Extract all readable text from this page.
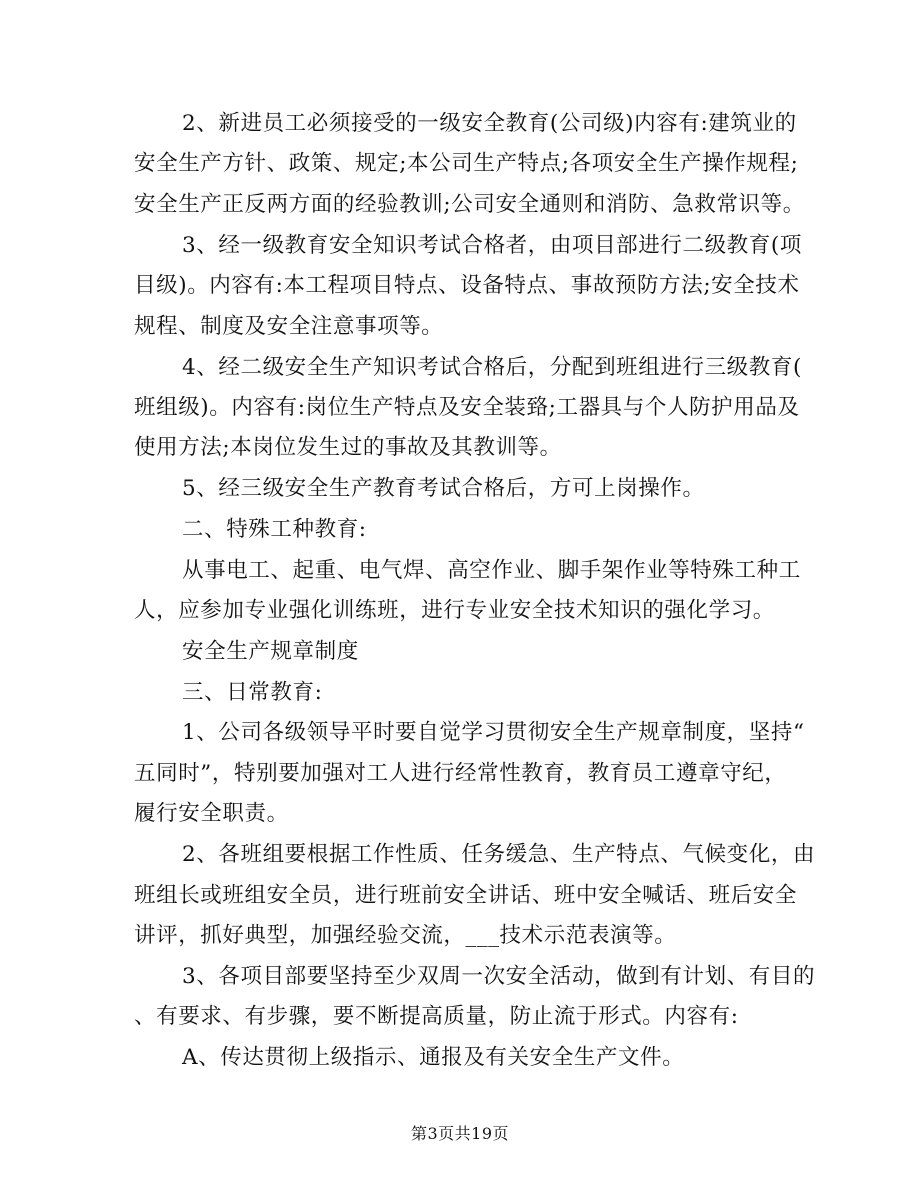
2、新进员工必须接受的一级安全教育(公司级)内容有:建筑业的
安全生产方针、政策、规定;本公司生产特点;各项安全生产操作规程;
安全生产正反两方面的经验教训;公司安全通则和消防、急救常识等。
3、经一级教育安全知识考试合格者，由项目部进行二级教育(项
目级)。内容有:本工程项目特点、设备特点、事故预防方法;安全技术
规程、制度及安全注意事项等。
4、经二级安全生产知识考试合格后，分配到班组进行三级教育(
班组级)。内容有:岗位生产特点及安全装臵;工器具与个人防护用品及
使用方法;本岗位发生过的事故及其教训等。
5、经三级安全生产教育考试合格后，方可上岗操作。
二、特殊工种教育:
从事电工、起重、电气焊、高空作业、脚手架作业等特殊工种工
人，应参加专业强化训练班，进行专业安全技术知识的强化学习。
安全生产规章制度
三、日常教育:
1、公司各级领导平时要自觉学习贯彻安全生产规章制度，坚持“
五同时”，特别要加强对工人进行经常性教育，教育员工遵章守纪，
履行安全职责。
2、各班组要根据工作性质、任务缓急、生产特点、气候变化，由
班组长或班组安全员，进行班前安全讲话、班中安全喊话、班后安全
讲评，抓好典型，加强经验交流，___技术示范表演等。
3、各项目部要坚持至少双周一次安全活动，做到有计划、有目的
、有要求、有步骤，要不断提高质量，防止流于形式。内容有:
A、传达贯彻上级指示、通报及有关安全生产文件。
第3页共19页
